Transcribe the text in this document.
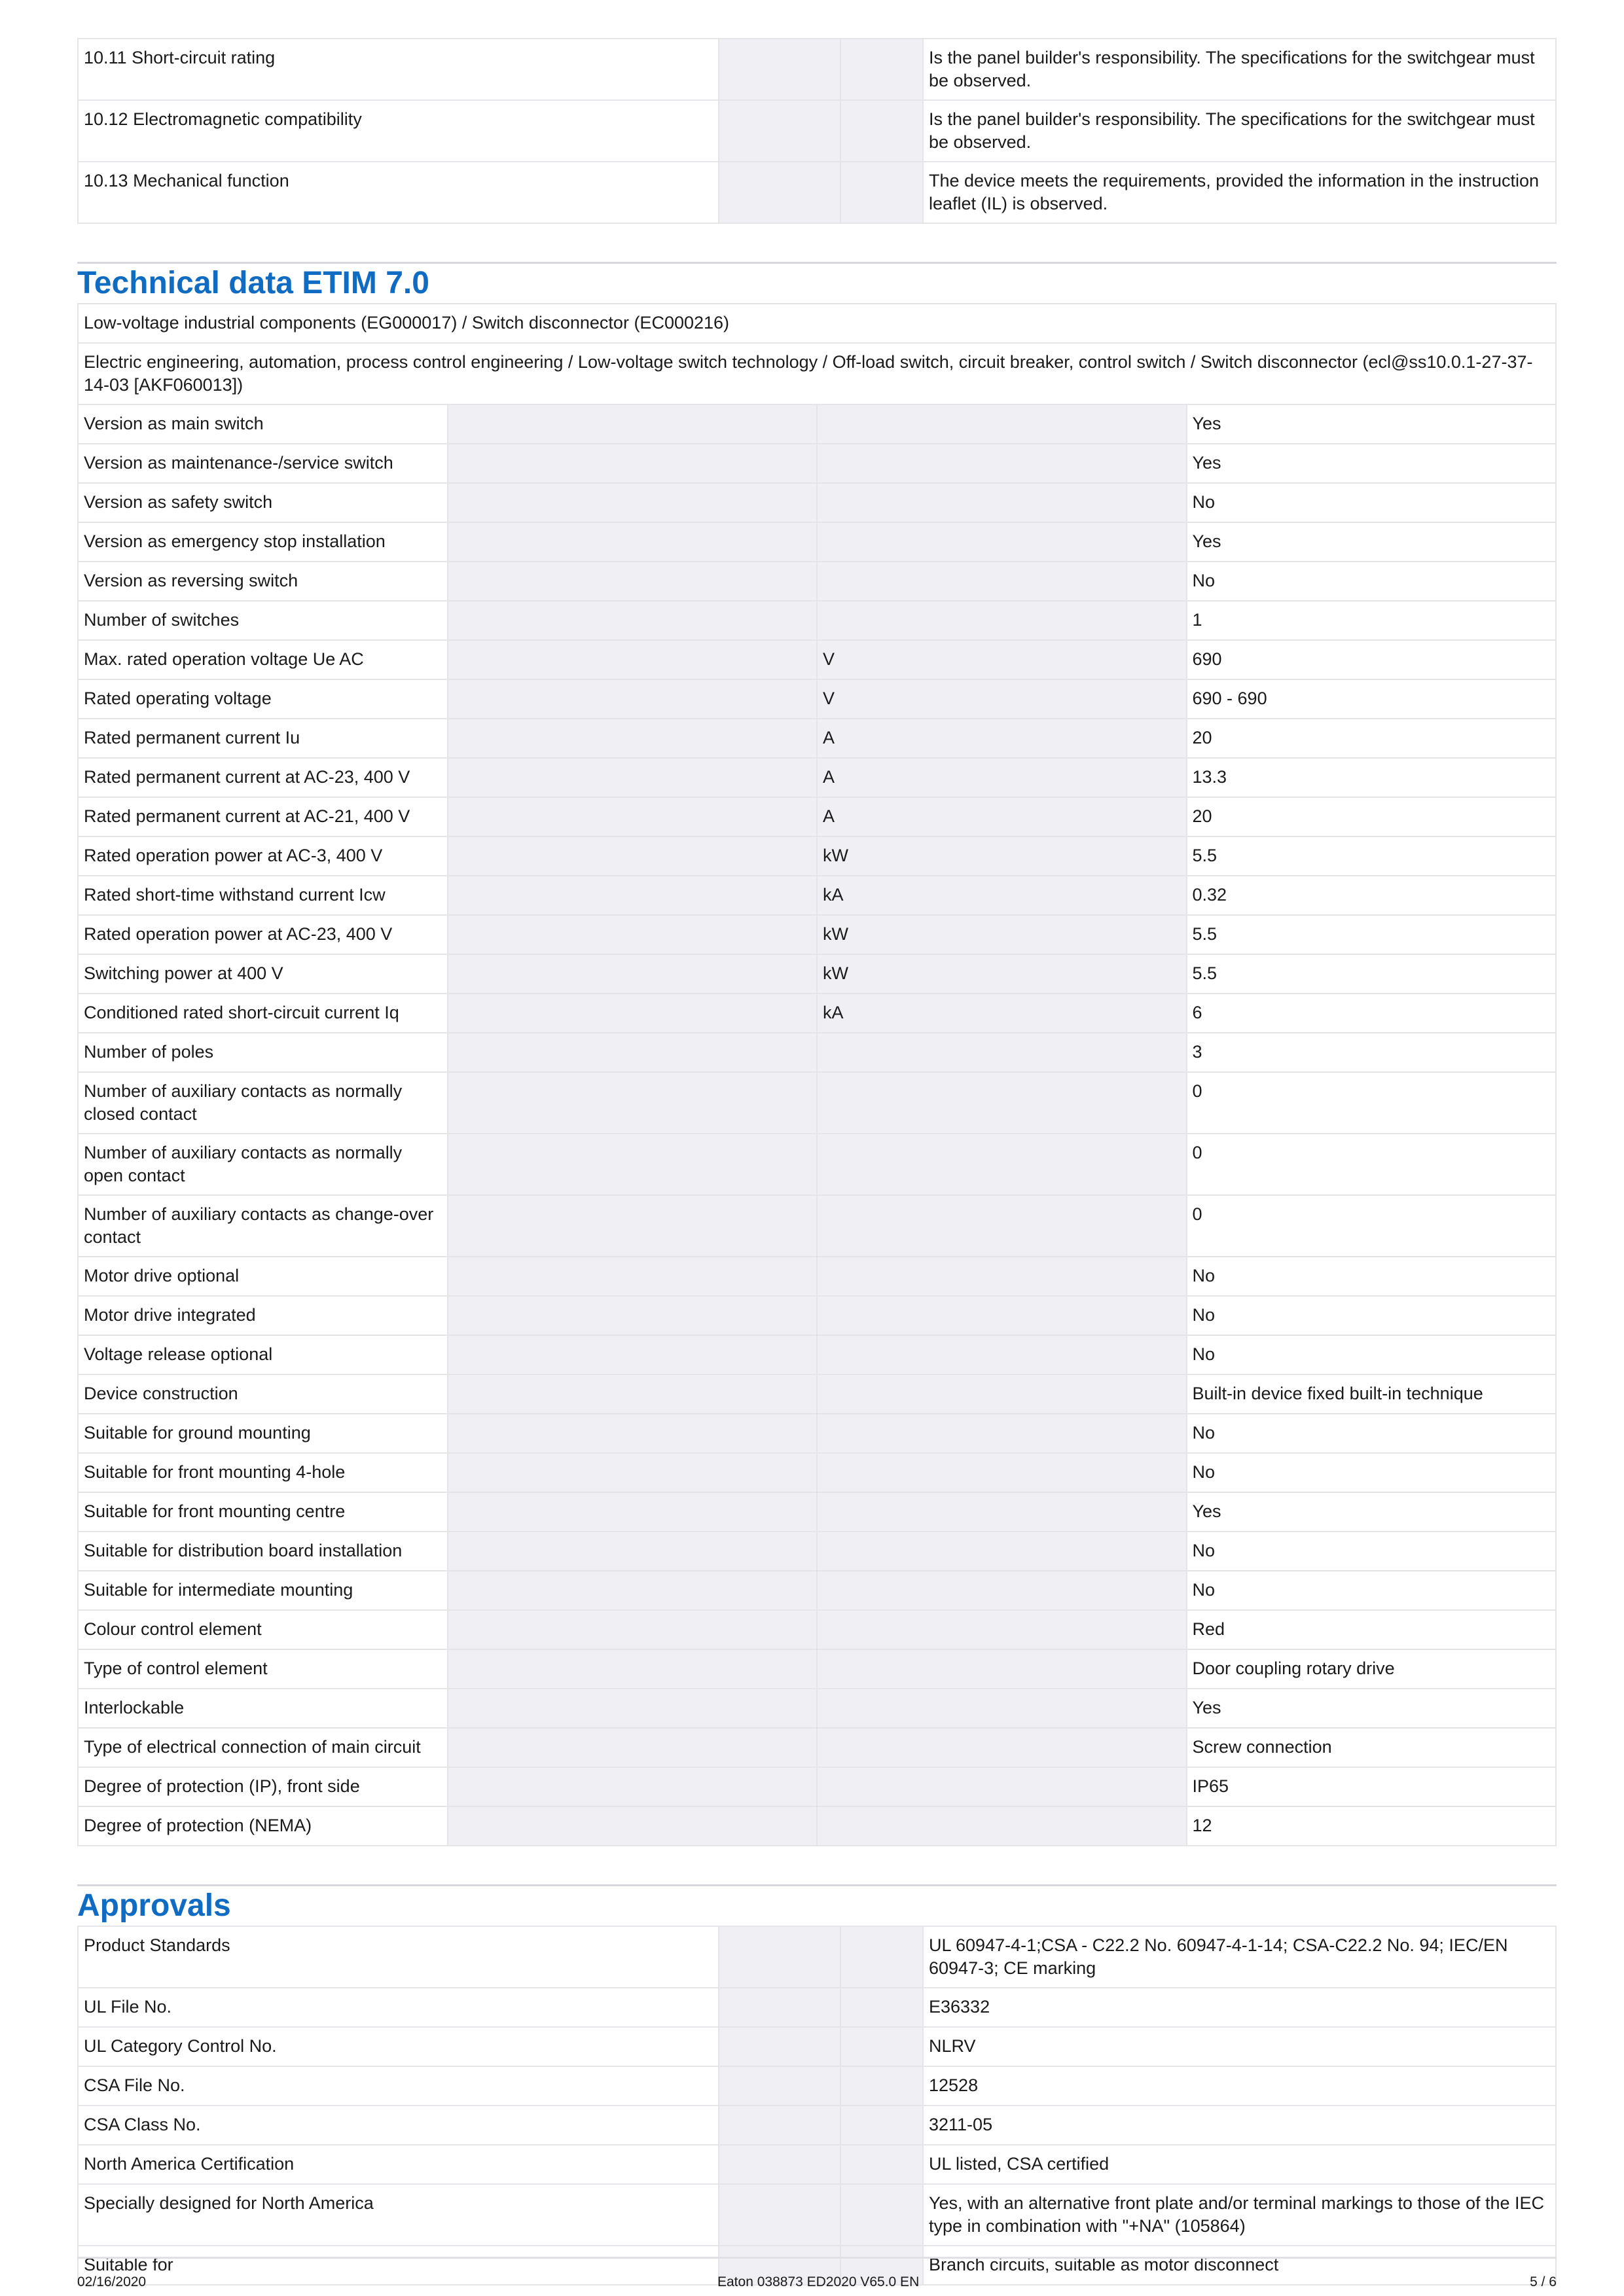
10.11 Short-circuit rating			Is the panel builder's responsibility. The specifications for the switchgear must be observed.
10.12 Electromagnetic compatibility			Is the panel builder's responsibility. The specifications for the switchgear must be observed.
10.13 Mechanical function			The device meets the requirements, provided the information in the instruction leaflet (IL) is observed.
Technical data ETIM 7.0
Low-voltage industrial components (EG000017) / Switch disconnector (EC000216)			
Electric engineering, automation, process control engineering / Low-voltage switch technology / Off-load switch, circuit breaker, control switch / Switch disconnector (ecl@ss10.0.1-27-37-14-03 [AKF060013])			
Version as main switch			Yes
Version as maintenance-/service switch			Yes
Version as safety switch			No
Version as emergency stop installation			Yes
Version as reversing switch			No
Number of switches			1
Max. rated operation voltage Ue AC		V	690
Rated operating voltage		V	690 - 690
Rated permanent current Iu		A	20
Rated permanent current at AC-23, 400 V		A	13.3
Rated permanent current at AC-21, 400 V		A	20
Rated operation power at AC-3, 400 V		kW	5.5
Rated short-time withstand current Icw		kA	0.32
Rated operation power at AC-23, 400 V		kW	5.5
Switching power at 400 V		kW	5.5
Conditioned rated short-circuit current Iq		kA	6
Number of poles			3
Number of auxiliary contacts as normally closed contact			0
Number of auxiliary contacts as normally open contact			0
Number of auxiliary contacts as change-over contact			0
Motor drive optional			No
Motor drive integrated			No
Voltage release optional			No
Device construction			Built-in device fixed built-in technique
Suitable for ground mounting			No
Suitable for front mounting 4-hole			No
Suitable for front mounting centre			Yes
Suitable for distribution board installation			No
Suitable for intermediate mounting			No
Colour control element			Red
Type of control element			Door coupling rotary drive
Interlockable			Yes
Type of electrical connection of main circuit			Screw connection
Degree of protection (IP), front side			IP65
Degree of protection (NEMA)			12
Approvals
Product Standards			UL 60947-4-1;CSA - C22.2 No. 60947-4-1-14; CSA-C22.2 No. 94; IEC/EN 60947-3; CE marking
UL File No.			E36332
UL Category Control No.			NLRV
CSA File No.			12528
CSA Class No.			3211-05
North America Certification			UL listed, CSA certified
Specially designed for North America			Yes, with an alternative front plate and/or terminal markings to those of the IEC type in combination with "+NA" (105864)
Suitable for			Branch circuits, suitable as motor disconnect
02/16/2020	Eaton 038873 ED2020 V65.0 EN	5 / 6
